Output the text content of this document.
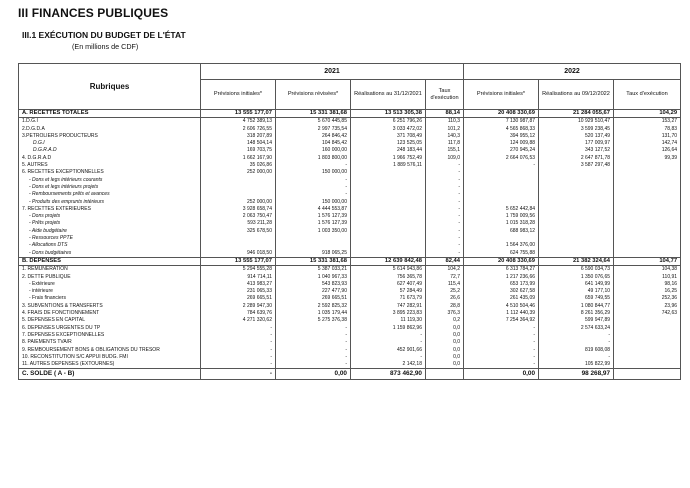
III FINANCES PUBLIQUES
III.1 EXÉCUTION DU BUDGET DE L'ÉTAT
(En millions de CDF)
Rubriques	2021				2022		
	Prévisions initiales*	Prévisions révisées*	Réalisations au 31/12/2021	Taux d'exécution	Prévisions initiales*	Réalisations au 09/12/2022	Taux d'exécution
A. RECETTES TOTALES	13 555 177,07	15 331 381,68	13 513 305,38	88,14	20 408 330,69	21 284 055,67	104,29
1.D.G.I	4 752 389,13	5 670 445,85	6 251 796,26	110,3	7 130 987,87	10 929 510,47	153,27
2.D.G.D.A	2 606 726,55	2 997 735,54	3 033 472,02	101,2	4 565 868,33	3 599 238,45	78,83
3.PÉTROLIERS PRODUCTEURS	318 207,89	264 846,42	371 708,49	140,3	394 955,12	520 137,49	131,70
D.G.I	148 504,14	104 845,42	123 525,05	117,8	124 009,88	177 009,97	142,74
D.G.R.A.D	169 703,75	160 000,00	248 183,44	155,1	270 945,24	343 127,52	126,64
4. D.G.R.A.D	1 662 167,90	1 803 800,00	1 966 752,49	109,0	2 664 076,53	2 647 871,78	99,39
5. AUTRES	35 026,86	-	1 889 576,11	-	-	3 587 297,48	
6. RECETTES EXCEPTIONNELLES	252 000,00	150 000,00		-			
- Dons et legs intérieurs courants		-		-			
- Dons et legs intérieurs projets		-		-			
- Remboursements prêts et avances		-		-			
- Produits des emprunts intérieurs	252 000,00	150 000,00		-			
7. RECETTES EXTÉRIEURES	3 928 658,74	4 444 553,87		-	5 652 442,84		
- Dons projets	2 063 750,47	1 576 127,39		-	1 759 009,56		
- Prêts projets	593 211,28	1 576 127,39		-	1 015 318,28		
- Aide budgétaire	325 678,50	1 003 350,00		-	688 983,12		
- Ressources PPTE				-			
- Allocations DTS				-	1 564 376,00		
- Dons budgétaires	946 018,50	918 065,25		-	624 755,88		
B. DÉPENSES	13 555 177,07	15 331 381,68	12 639 842,48	82,44	20 408 330,69	21 382 324,64	104,77
1. RÉMUNÉRATION	5 294 555,28	5 387 033,21	5 614 943,86	104,2	6 313 784,27	6 590 034,73	104,38
2. DETTE PUBLIQUE	914 714,11	1 040 967,33	756 365,78	72,7	1 217 236,66	1 350 076,65	110,91
- Extérieure	413 983,27	543 823,93	627 407,49	115,4	653 173,99	641 149,99	98,16
- intérieure	231 065,33	227 477,90	57 284,49	25,2	302 627,58	49 177,10	16,25
- Frais financiers	269 665,51	269 665,51	71 673,79	26,6	261 435,09	659 749,55	252,36
3. SUBVENTIONS & TRANSFERTS	2 289 947,30	2 592 825,32	747 282,91	28,8	4 510 504,46	1 080 844,77	23,96
4. FRAIS DE FONCTIONNEMENT	784 639,76	1 035 179,44	3 895 223,83	376,3	1 112 440,39	8 261 356,29	742,63
5. DÉPENSES EN CAPITAL	4 271 320,62	5 275 376,38	11 119,30	0,2	7 254 364,92	599 947,89	
6. DÉPENSES URGENTES DU TP	-	-	1 159 862,96	0,0	-	2 574 633,24	
7. DÉPENSES EXCEPTIONNELLES	-	-	-	0,0	-	-	
8. PAIEMENTS TVA/R	-	-	-	0,0	-	-	
9. REMBOURSEMENT BONS & OBLIGATIONS DU TRÉSOR	-	-	452 901,66	0,0	-	819 608,08	
10. RECONSTITUTION S/C APPUI BUDG. FMI	-	-	-	0,0	-	-	
11. AUTRES DEPENSES (EXTOURNES)	-	-	2 142,18	0,0	-	105 822,99	
C. SOLDE ( A - B)	-	0,00	873 462,90		0,00	98 268,97	
